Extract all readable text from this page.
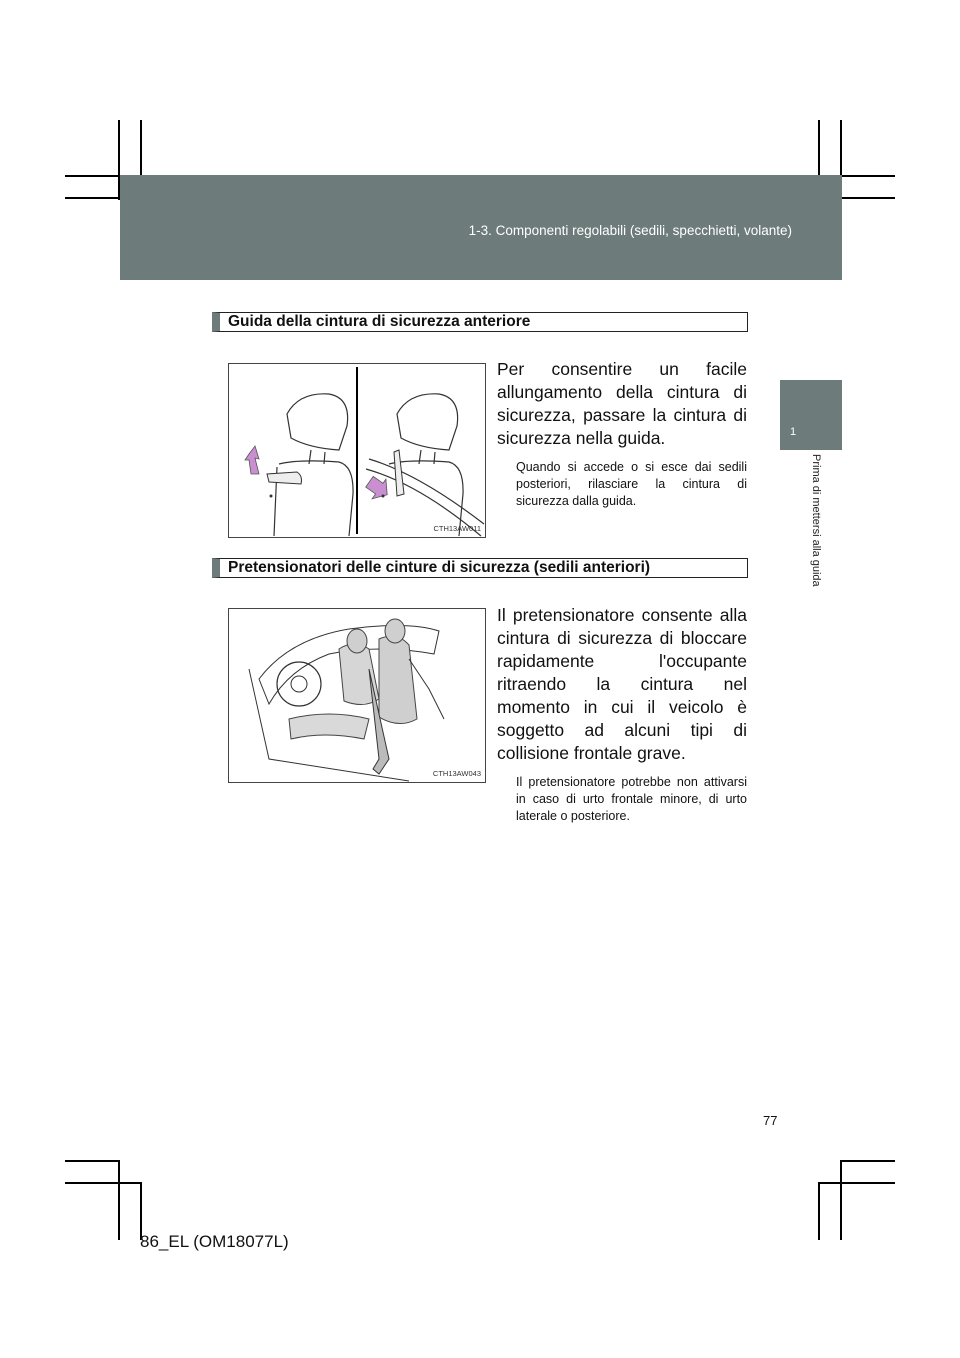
1-3. Componenti regolabili (sedili, specchietti, volante)
1
Prima di mettersi alla guida
Guida della cintura di sicurezza anteriore
CTH13AW011
Per consentire un facile allungamento della cintura di sicurezza, passare la cintura di sicurezza nella guida.
Quando si accede o si esce dai sedili posteriori, rilasciare la cintura di sicurezza dalla guida.
Pretensionatori delle cinture di sicurezza (sedili anteriori)
CTH13AW043
Il pretensionatore consente alla cintura di sicurezza di bloccare rapidamente l'occupante ritraendo la cintura nel momento in cui il veicolo è soggetto ad alcuni tipi di collisione frontale grave.
Il pretensionatore potrebbe non attivarsi in caso di urto frontale minore, di urto laterale o posteriore.
77
86_EL (OM18077L)
